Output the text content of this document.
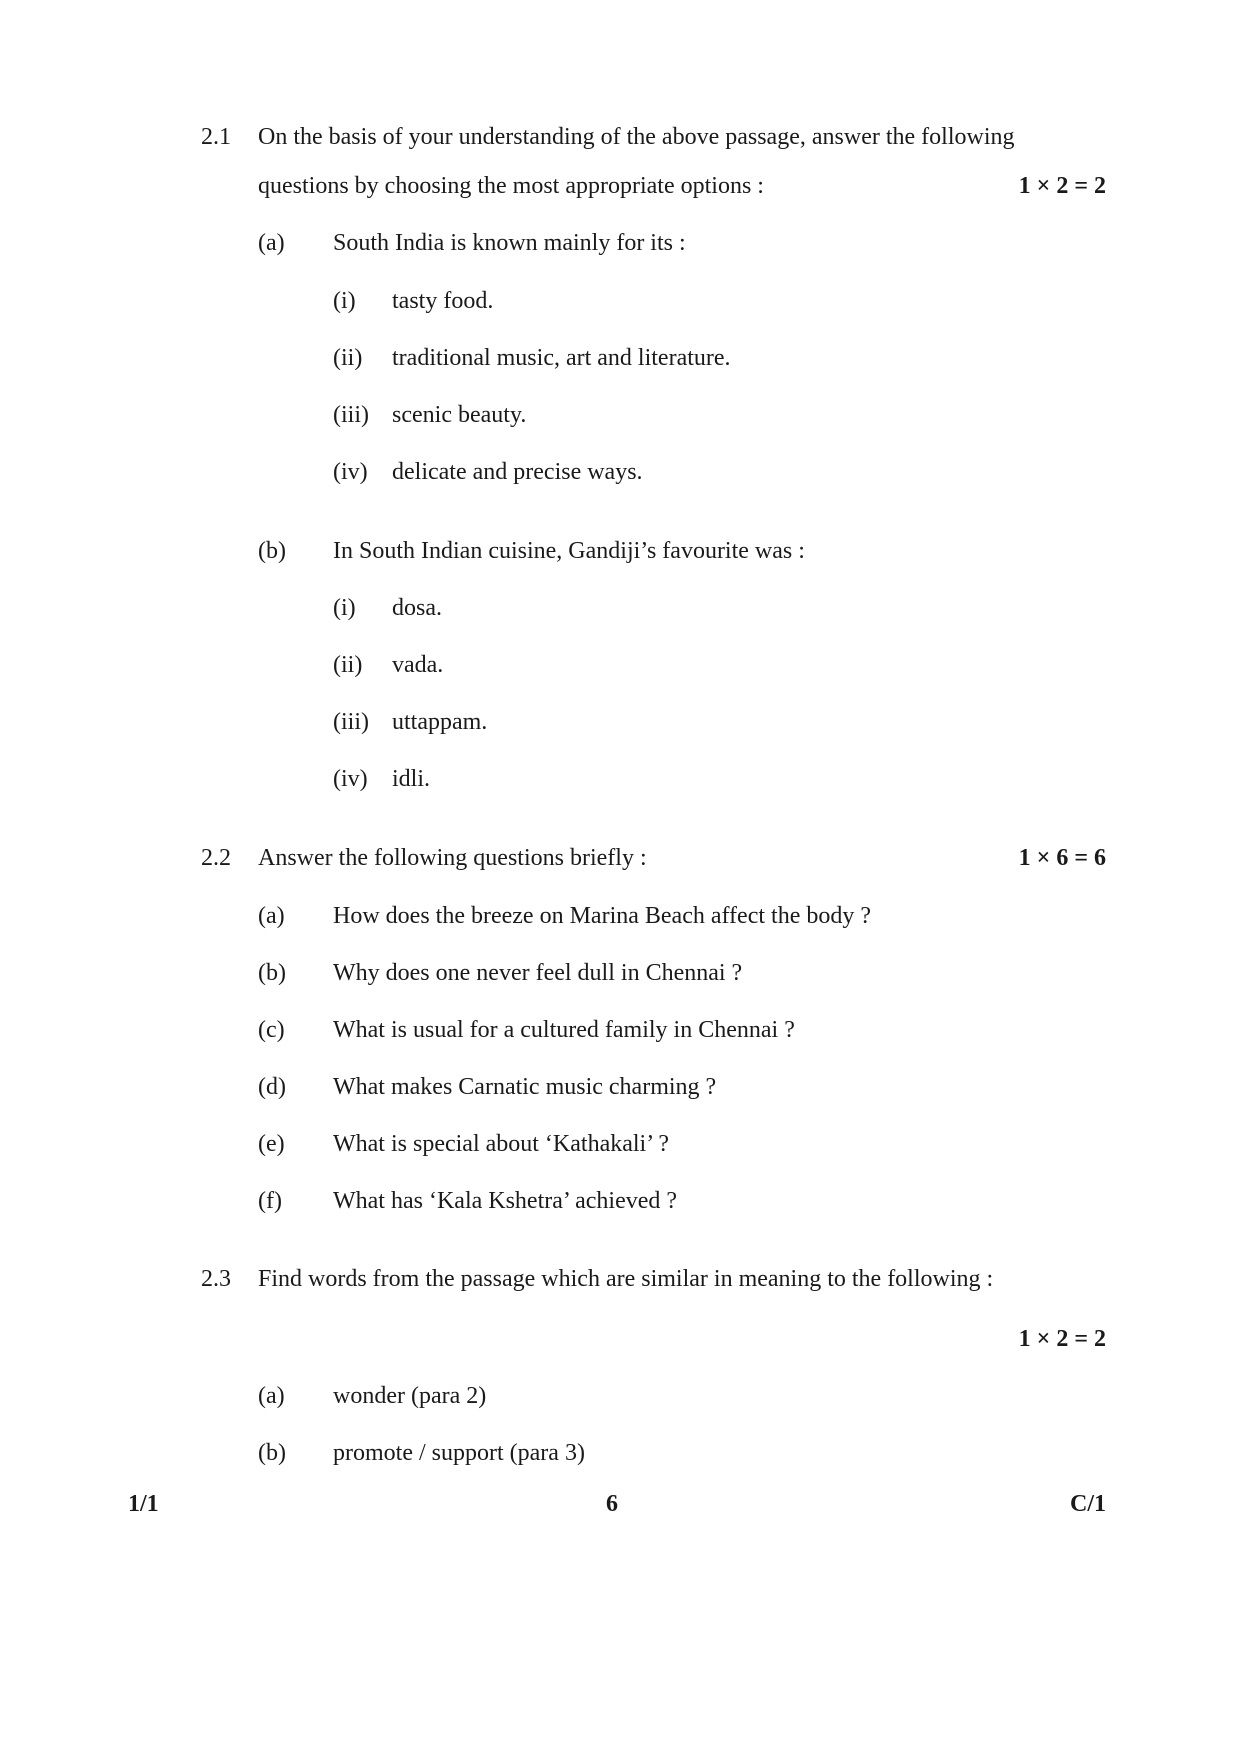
2.1 On the basis of your understanding of the above passage, answer the following
questions by choosing the most appropriate options :	1 × 2 = 2
(a) South India is known mainly for its :
(i) tasty food.
(ii) traditional music, art and literature.
(iii) scenic beauty.
(iv) delicate and precise ways.
(b) In South Indian cuisine, Gandiji’s favourite was :
(i) dosa.
(ii) vada.
(iii) uttappam.
(iv) idli.
2.2 Answer the following questions briefly :	1 × 6 = 6
(a) How does the breeze on Marina Beach affect the body ?
(b) Why does one never feel dull in Chennai ?
(c) What is usual for a cultured family in Chennai ?
(d) What makes Carnatic music charming ?
(e) What is special about ‘Kathakali’ ?
(f) What has ‘Kala Kshetra’ achieved ?
2.3 Find words from the passage which are similar in meaning to the following :
1 × 2 = 2
(a) wonder (para 2)
(b) promote / support (para 3)
1/1	6	C/1
